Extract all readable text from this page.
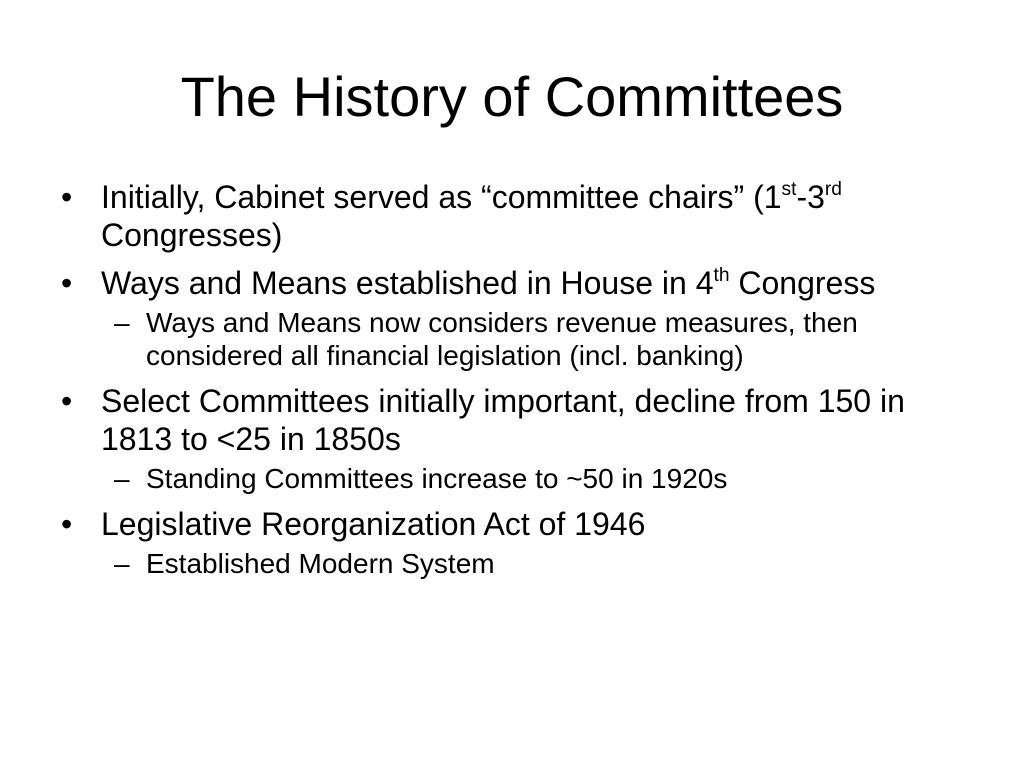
The History of Committees
• Initially, Cabinet served as “committee chairs” (1st-3rd Congresses)
• Ways and Means established in House in 4th Congress
– Ways and Means now considers revenue measures, then considered all financial legislation (incl. banking)
• Select Committees initially important, decline from 150 in 1813 to <25 in 1850s
– Standing Committees increase to ~50 in 1920s
• Legislative Reorganization Act of 1946
– Established Modern System
